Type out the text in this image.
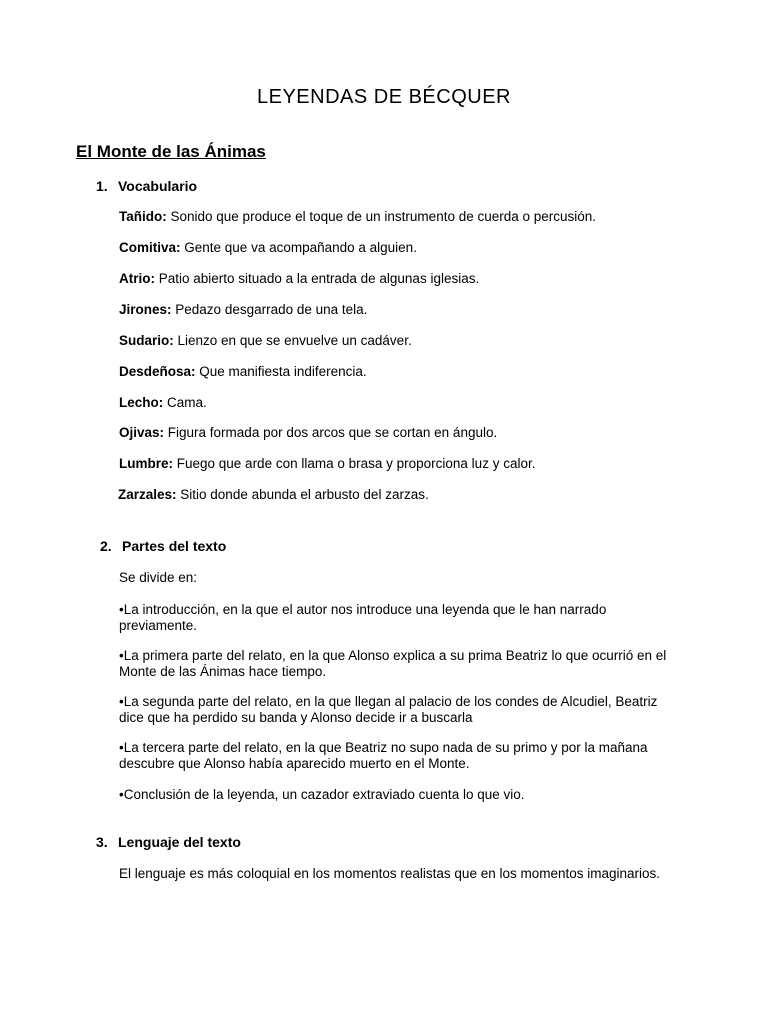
LEYENDAS DE BÉCQUER
El Monte de las Ánimas
1. Vocabulario
Tañido: Sonido que produce el toque de un instrumento de cuerda o percusión.
Comitiva: Gente que va acompañando a alguien.
Atrio: Patio abierto situado a la entrada de algunas iglesias.
Jirones: Pedazo desgarrado de una tela.
Sudario: Lienzo en que se envuelve un cadáver.
Desdeñosa: Que manifiesta indiferencia.
Lecho: Cama.
Ojivas: Figura formada por dos arcos que se cortan en ángulo.
Lumbre: Fuego que arde con llama o brasa y proporciona luz y calor.
Zarzales: Sitio donde abunda el arbusto del zarzas.
2. Partes del texto
Se divide en:
•La introducción, en la que el autor nos introduce una leyenda que le han narrado
previamente.
•La primera parte del relato, en la que Alonso explica a su prima Beatriz lo que ocurrió en el
Monte de las Ánimas hace tiempo.
•La segunda parte del relato, en la que llegan al palacio de los condes de Alcudiel, Beatriz
dice que ha perdido su banda y Alonso decide ir a buscarla
•La tercera parte del relato, en la que Beatriz no supo nada de su primo y por la mañana
descubre que Alonso había aparecido muerto en el Monte.
•Conclusión de la leyenda, un cazador extraviado cuenta lo que vio.
3. Lenguaje del texto
El lenguaje es más coloquial en los momentos realistas que en los momentos imaginarios.
